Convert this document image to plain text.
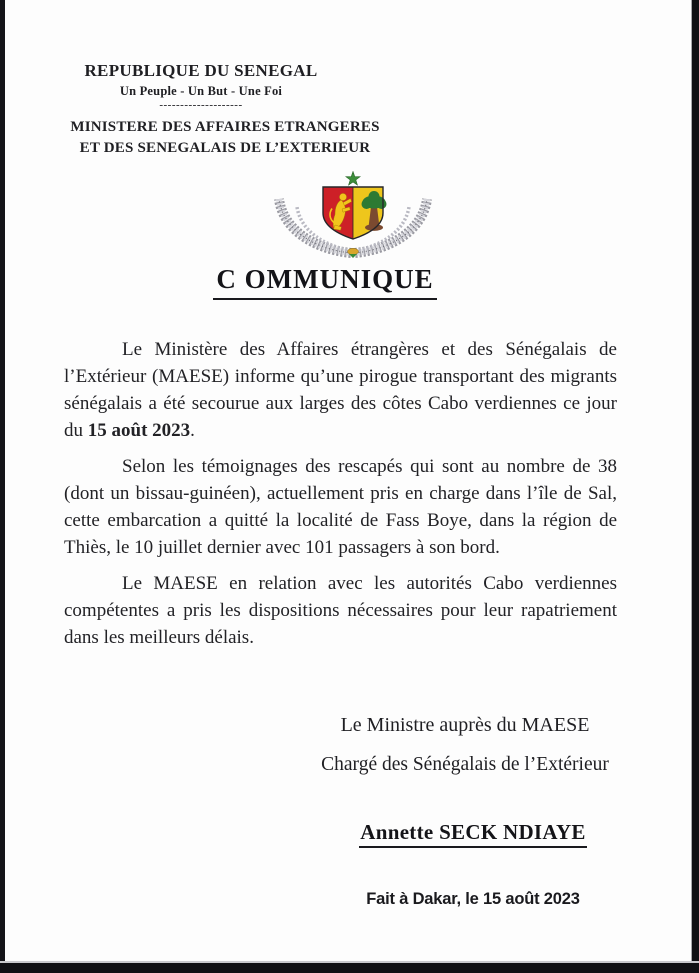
REPUBLIQUE DU SENEGAL
Un Peuple - Un But - Une Foi
--------------------
MINISTERE DES AFFAIRES ETRANGERES
ET DES SENEGALAIS DE L’EXTERIEUR
C OMMUNIQUE

Le Ministère des Affaires étrangères et des Sénégalais de l’Extérieur (MAESE) informe qu’une pirogue transportant des migrants sénégalais a été secourue aux larges des côtes Cabo verdiennes ce jour du 15 août 2023.

Selon les témoignages des rescapés qui sont au nombre de 38 (dont un bissau-guinéen), actuellement pris en charge dans l’île de Sal, cette embarcation a quitté la localité de Fass Boye, dans la région de Thiès, le 10 juillet dernier avec 101 passagers à son bord.

Le MAESE en relation avec les autorités Cabo verdiennes compétentes a pris les dispositions nécessaires pour leur rapatriement dans les meilleurs délais.

Le Ministre auprès du MAESE
Chargé des Sénégalais de l’Extérieur
Annette SECK NDIAYE
Fait à Dakar, le 15 août 2023
